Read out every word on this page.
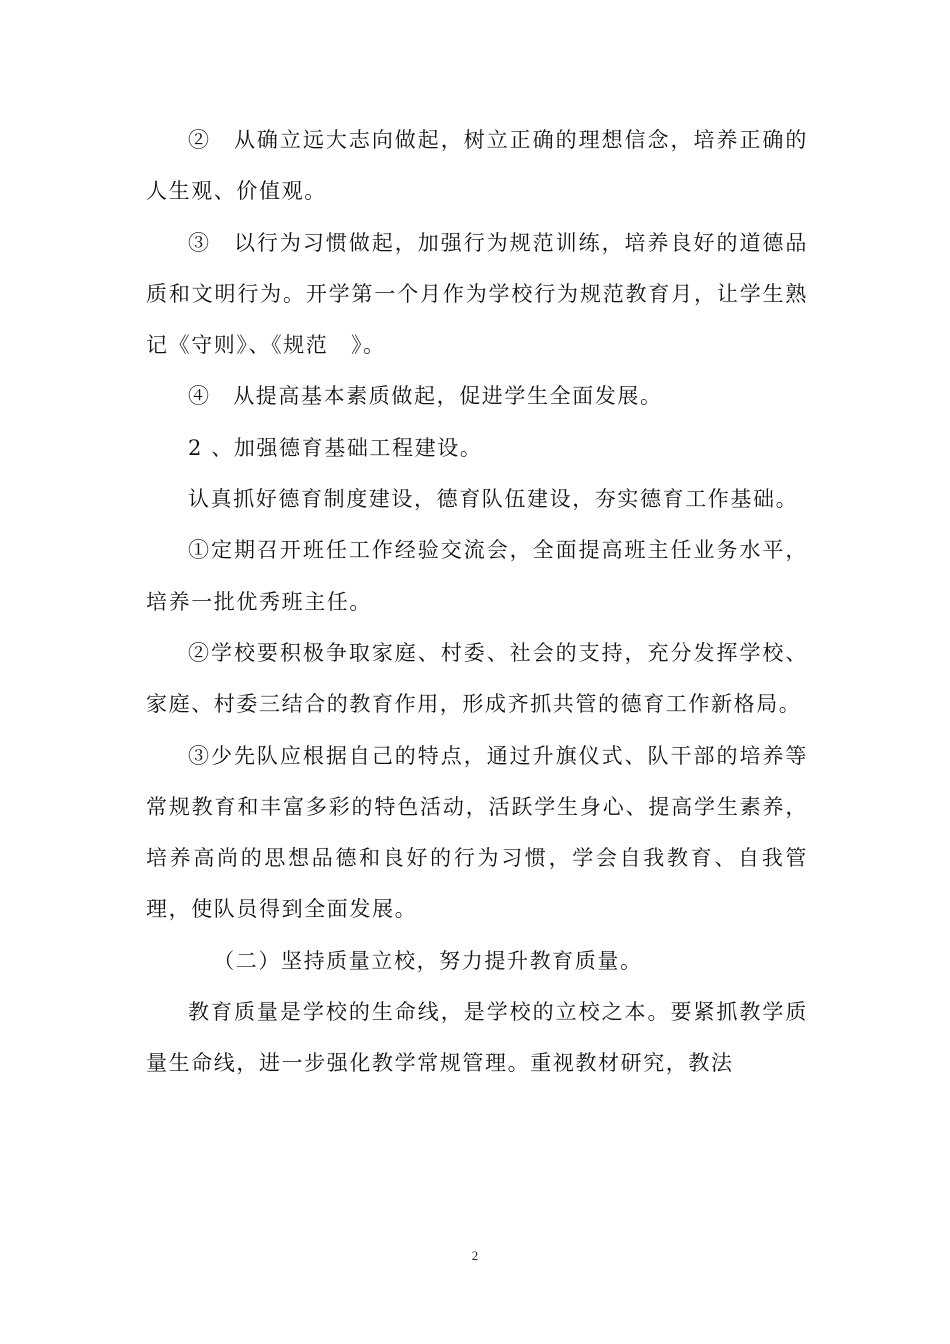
②　从确立远大志向做起，树立正确的理想信念，培养正确的人生观、价值观。

③　以行为习惯做起，加强行为规范训练，培养良好的道德品质和文明行为。开学第一个月作为学校行为规范教育月，让学生熟记《守则》、《规范　》。

④　从提高基本素质做起，促进学生全面发展。

2 、加强德育基础工程建设。

认真抓好德育制度建设，德育队伍建设，夯实德育工作基础。

①定期召开班任工作经验交流会，全面提高班主任业务水平，培养一批优秀班主任。

②学校要积极争取家庭、村委、社会的支持，充分发挥学校、家庭、村委三结合的教育作用，形成齐抓共管的德育工作新格局。

③少先队应根据自己的特点，通过升旗仪式、队干部的培养等常规教育和丰富多彩的特色活动，活跃学生身心、提高学生素养，培养高尚的思想品德和良好的行为习惯，学会自我教育、自我管理，使队员得到全面发展。

（二）坚持质量立校，努力提升教育质量。

教育质量是学校的生命线，是学校的立校之本。要紧抓教学质量生命线，进一步强化教学常规管理。重视教材研究，教法

2
